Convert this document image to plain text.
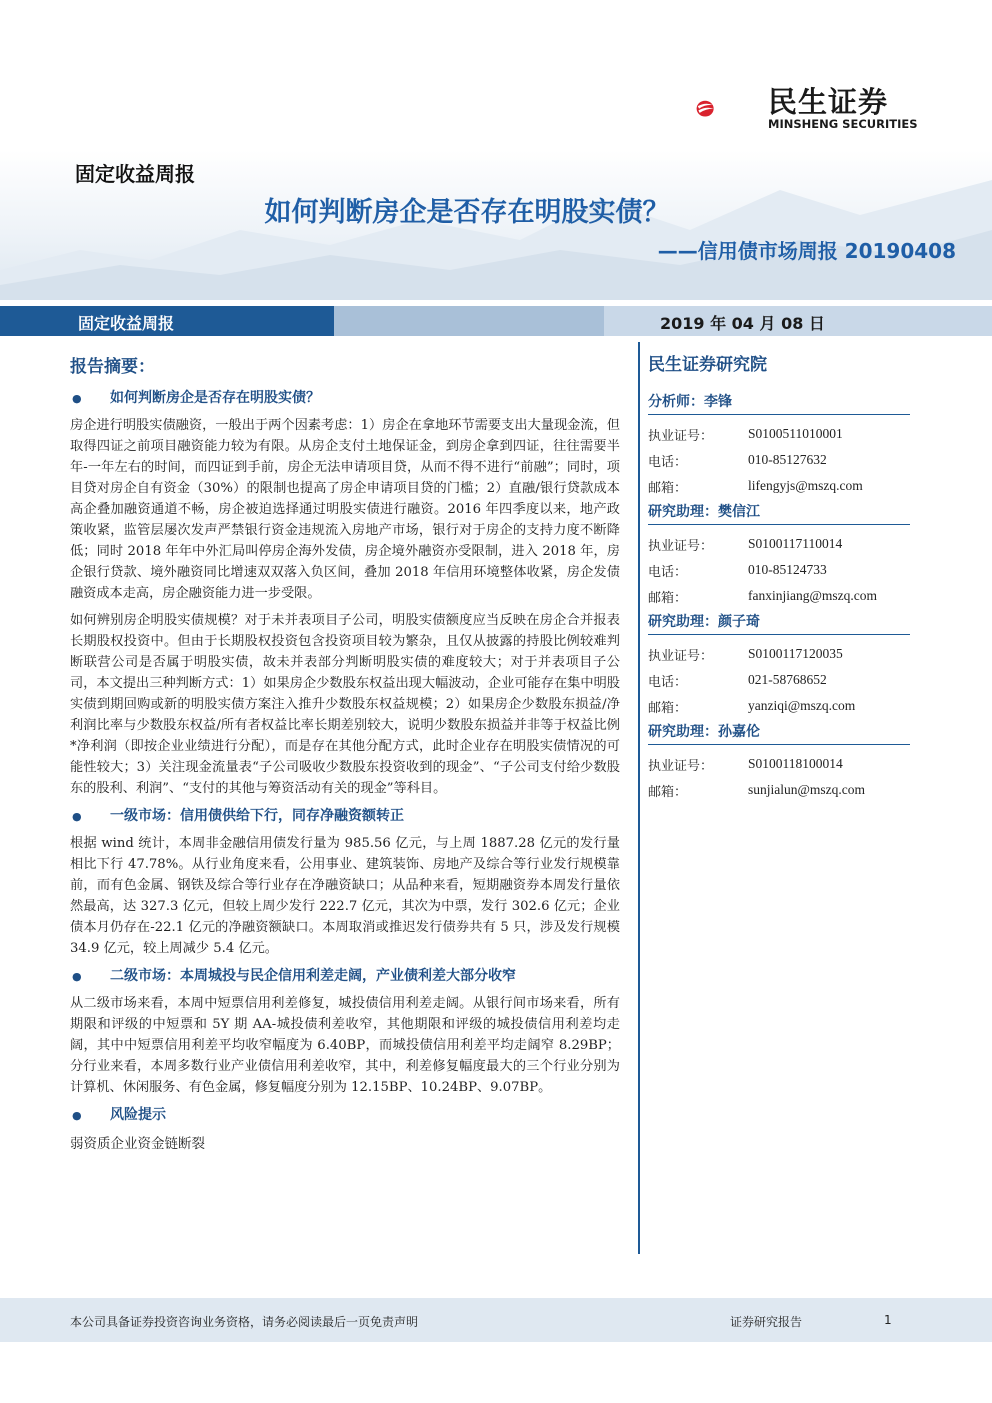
民生证券
MINSHENG SECURITIES
固定收益周报
如何判断房企是否存在明股实债？
——信用债市场周报 20190408
固定收益周报	2019 年 04 月 08 日
报告摘要：
● 如何判断房企是否存在明股实债？

房企进行明股实债融资，一般出于两个因素考虑：1）房企在拿地环节需要支出大量现金流，但取得四证之前项目融资能力较为有限。从房企支付土地保证金，到房企拿到四证，往往需要半年-一年左右的时间，而四证到手前，房企无法申请项目贷，从而不得不进行“前融”；同时，项目贷对房企自有资金（30%）的限制也提高了房企申请项目贷的门槛；2）直融/银行贷款成本高企叠加融资通道不畅，房企被迫选择通过明股实债进行融资。2016 年四季度以来，地产政策收紧，监管层屡次发声严禁银行资金违规流入房地产市场，银行对于房企的支持力度不断降低；同时 2018 年年中外汇局叫停房企海外发债，房企境外融资亦受限制，进入 2018 年，房企银行贷款、境外融资同比增速双双落入负区间，叠加 2018 年信用环境整体收紧，房企发债融资成本走高，房企融资能力进一步受限。

如何辨别房企明股实债规模？对于未并表项目子公司，明股实债额度应当反映在房企合并报表长期股权投资中。但由于长期股权投资包含投资项目较为繁杂，且仅从披露的持股比例较难判断联营公司是否属于明股实债，故未并表部分判断明股实债的难度较大；对于并表项目子公司，本文提出三种判断方式：1）如果房企少数股东权益出现大幅波动，企业可能存在集中明股实债到期回购或新的明股实债方案注入推升少数股东权益规模；2）如果房企少数股东损益/净利润比率与少数股东权益/所有者权益比率长期差别较大，说明少数股东损益并非等于权益比例*净利润（即按企业业绩进行分配），而是存在其他分配方式，此时企业存在明股实债情况的可能性较大；3）关注现金流量表“子公司吸收少数股东投资收到的现金”、“子公司支付给少数股东的股利、利润”、“支付的其他与筹资活动有关的现金”等科目。

● 一级市场：信用债供给下行，同存净融资额转正

根据 wind 统计，本周非金融信用债发行量为 985.56 亿元，与上周 1887.28 亿元的发行量相比下行 47.78%。从行业角度来看，公用事业、建筑装饰、房地产及综合等行业发行规模靠前，而有色金属、钢铁及综合等行业存在净融资缺口；从品种来看，短期融资券本周发行量依然最高，达 327.3 亿元，但较上周少发行 222.7 亿元，其次为中票，发行 302.6 亿元；企业债本月仍存在-22.1 亿元的净融资额缺口。本周取消或推迟发行债券共有 5 只，涉及发行规模 34.9 亿元，较上周减少 5.4 亿元。

● 二级市场：本周城投与民企信用利差走阔，产业债利差大部分收窄

从二级市场来看，本周中短票信用利差修复，城投债信用利差走阔。从银行间市场来看，所有期限和评级的中短票和 5Y 期 AA-城投债利差收窄，其他期限和评级的城投债信用利差均走阔，其中中短票信用利差平均收窄幅度为 6.40BP，而城投债信用利差平均走阔窄 8.29BP；分行业来看，本周多数行业产业债信用利差收窄，其中，利差修复幅度最大的三个行业分别为计算机、休闲服务、有色金属，修复幅度分别为 12.15BP、10.24BP、9.07BP。

● 风险提示

弱资质企业资金链断裂

民生证券研究院
分析师：李锋
执业证号：	S0100511010001
电话：	010-85127632
邮箱：	lifengyjs@mszq.com
研究助理：樊信江
执业证号：	S0100117110014
电话：	010-85124733
邮箱：	fanxinjiang@mszq.com
研究助理：颜子琦
执业证号：	S0100117120035
电话：	021-58768652
邮箱：	yanziqi@mszq.com
研究助理：孙嘉伦
执业证号：	S0100118100014
邮箱：	sunjialun@mszq.com
本公司具备证券投资咨询业务资格，请务必阅读最后一页免责声明	证券研究报告	1
